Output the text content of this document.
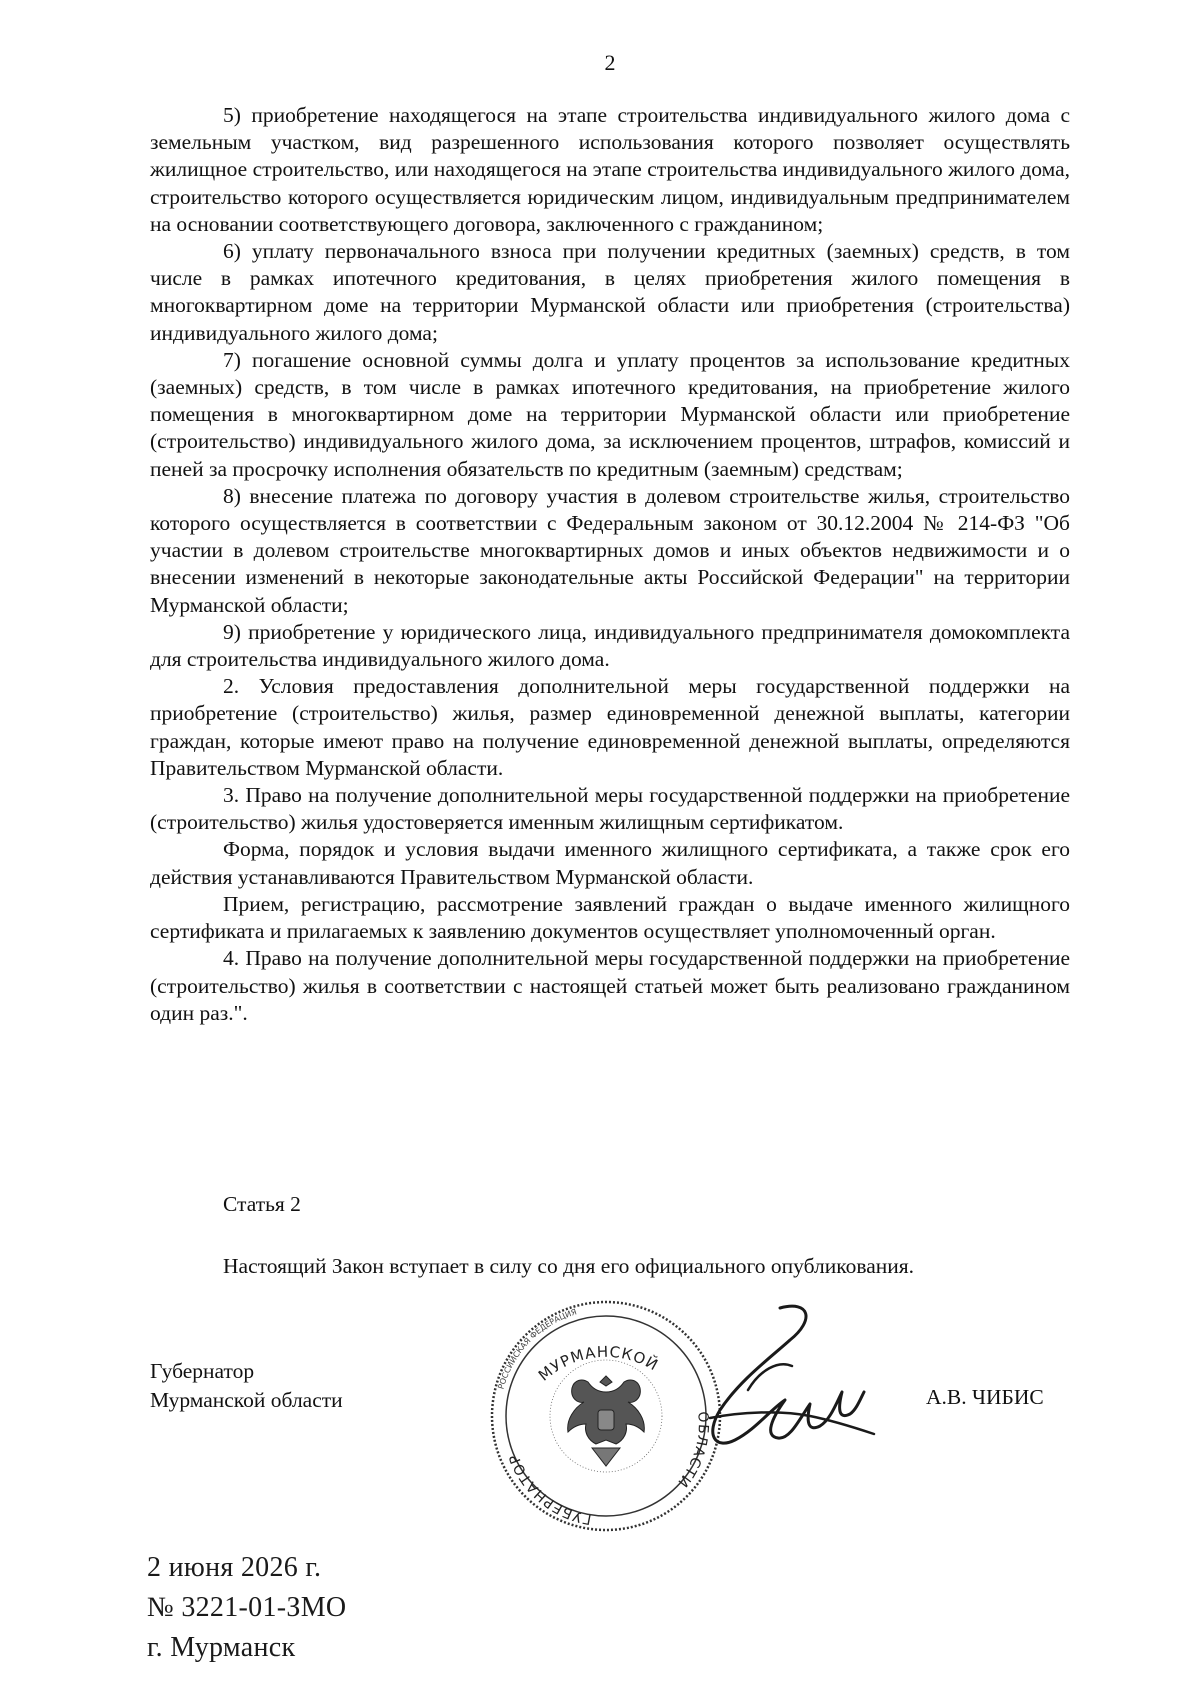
2

5) приобретение находящегося на этапе строительства индивидуального жилого дома с земельным участком, вид разрешенного использования которого позволяет осуществлять жилищное строительство, или находящегося на этапе строительства индивидуального жилого дома, строительство которого осуществляется юридическим лицом, индивидуальным предпринимателем на основании соответствующего договора, заключенного с гражданином;

6) уплату первоначального взноса при получении кредитных (заемных) средств, в том числе в рамках ипотечного кредитования, в целях приобретения жилого помещения в многоквартирном доме на территории Мурманской области или приобретения (строительства) индивидуального жилого дома;

7) погашение основной суммы долга и уплату процентов за использование кредитных (заемных) средств, в том числе в рамках ипотечного кредитования, на приобретение жилого помещения в многоквартирном доме на территории Мурманской области или приобретение (строительство) индивидуального жилого дома, за исключением процентов, штрафов, комиссий и пеней за просрочку исполнения обязательств по кредитным (заемным) средствам;

8) внесение платежа по договору участия в долевом строительстве жилья, строительство которого осуществляется в соответствии с Федеральным законом от 30.12.2004 № 214-ФЗ "Об участии в долевом строительстве многоквартирных домов и иных объектов недвижимости и о внесении изменений в некоторые законодательные акты Российской Федерации" на территории Мурманской области;

9) приобретение у юридического лица, индивидуального предпринимателя домокомплекта для строительства индивидуального жилого дома.

2. Условия предоставления дополнительной меры государственной поддержки на приобретение (строительство) жилья, размер единовременной денежной выплаты, категории граждан, которые имеют право на получение единовременной денежной выплаты, определяются Правительством Мурманской области.

3. Право на получение дополнительной меры государственной поддержки на приобретение (строительство) жилья удостоверяется именным жилищным сертификатом.

Форма, порядок и условия выдачи именного жилищного сертификата, а также срок его действия устанавливаются Правительством Мурманской области.

Прием, регистрацию, рассмотрение заявлений граждан о выдаче именного жилищного сертификата и прилагаемых к заявлению документов осуществляет уполномоченный орган.

4. Право на получение дополнительной меры государственной поддержки на приобретение (строительство) жилья в соответствии с настоящей статьей может быть реализовано гражданином один раз.".

Статья 2

Настоящий Закон вступает в силу со дня его официального опубликования.

Губернатор
Мурманской области
РОССИЙСКАЯ ФЕДЕРАЦИЯ
МУРМАНСКОЙ
ГУБЕРНАТОР
ОБЛАСТИ
А.В. ЧИБИС
2 июня 2026 г.
№ 3221-01-ЗМО
г. Мурманск
